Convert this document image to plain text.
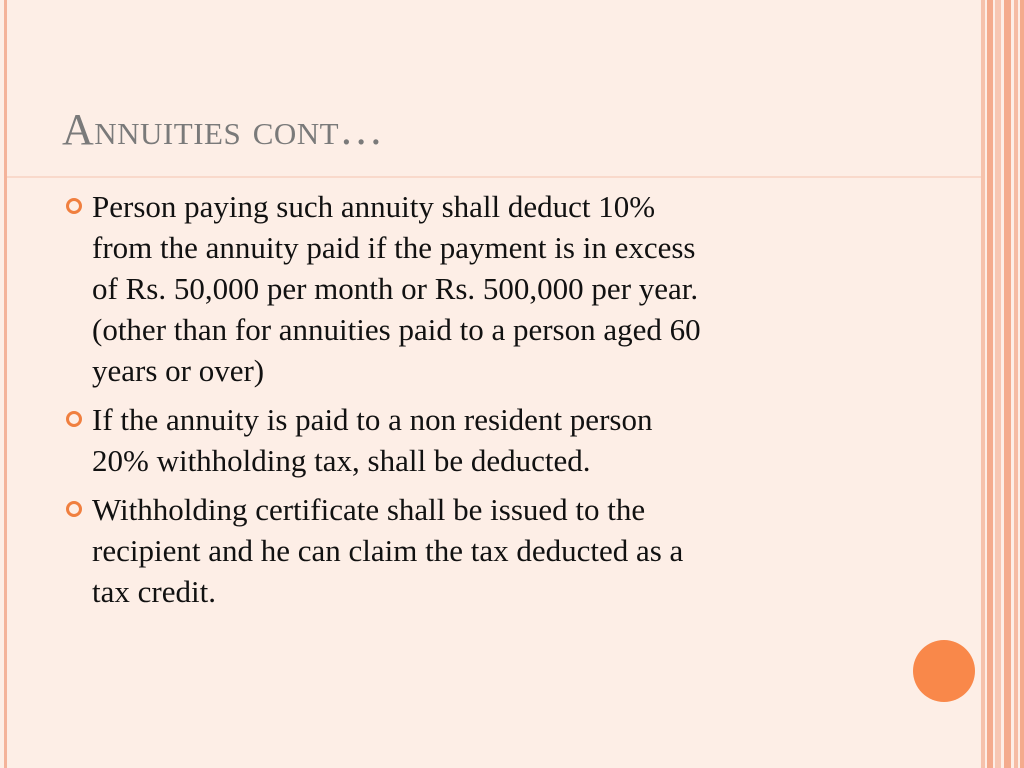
Annuities cont…

Person paying such annuity shall deduct 10%
from the annuity paid if the payment is in excess
of Rs. 50,000 per month or Rs. 500,000 per year.
(other than for annuities paid to a person aged 60
years or over)

If the annuity is paid to a non resident person
20% withholding tax, shall be deducted.

Withholding certificate shall be issued to the
recipient and he can claim the tax deducted as a
tax credit.
